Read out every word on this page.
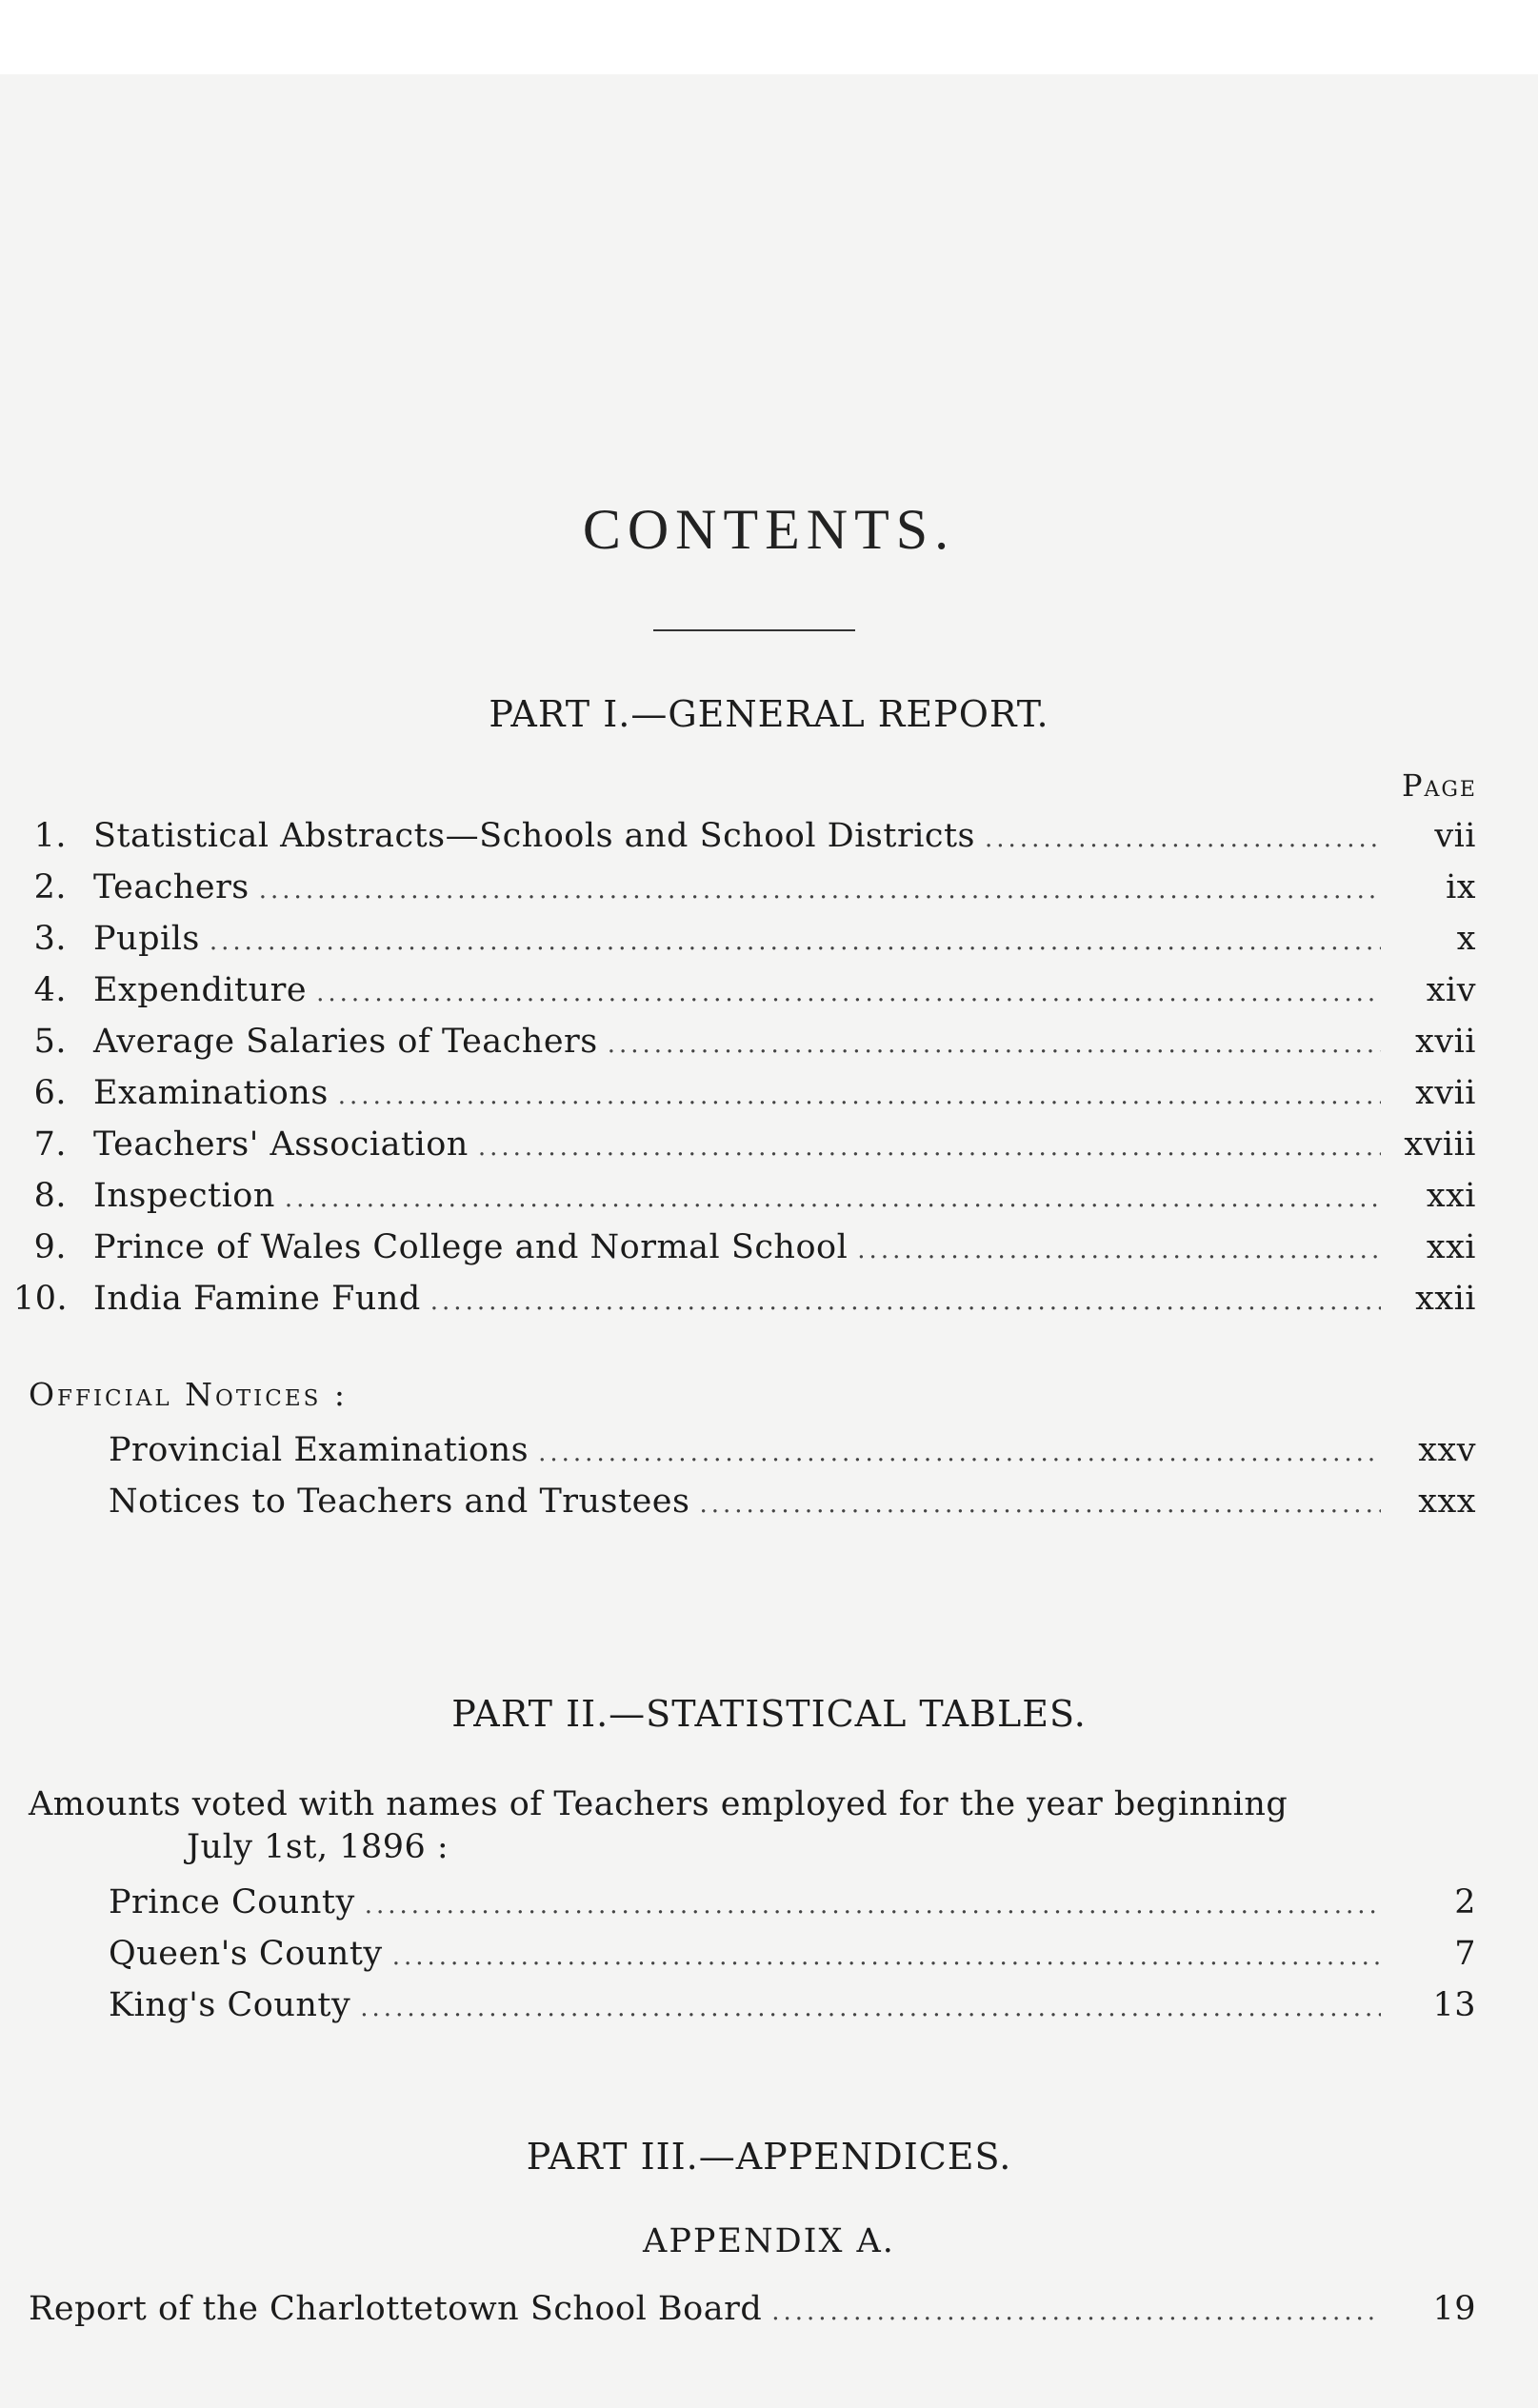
CONTENTS.
PART I.—GENERAL REPORT.
Page
1. Statistical Abstracts—Schools and School Districts .....	vii
2. Teachers .....	ix
3. Pupils .....	x
4. Expenditure .....	xiv
5. Average Salaries of Teachers .....	xvii
6. Examinations .....	xvii
7. Teachers' Association .....	xviii
8. Inspection .....	xxi
9. Prince of Wales College and Normal School .....	xxi
10. India Famine Fund .....	xxii
Official Notices :
Provincial Examinations .....	xxv
Notices to Teachers and Trustees .....	xxx
PART II.—STATISTICAL TABLES.
Amounts voted with names of Teachers employed for the year beginning
July 1st, 1896 :
Prince County .....	2
Queen's County .....	7
King's County .....	13
PART III.—APPENDICES.
APPENDIX A.
Report of the Charlottetown School Board .....	19
